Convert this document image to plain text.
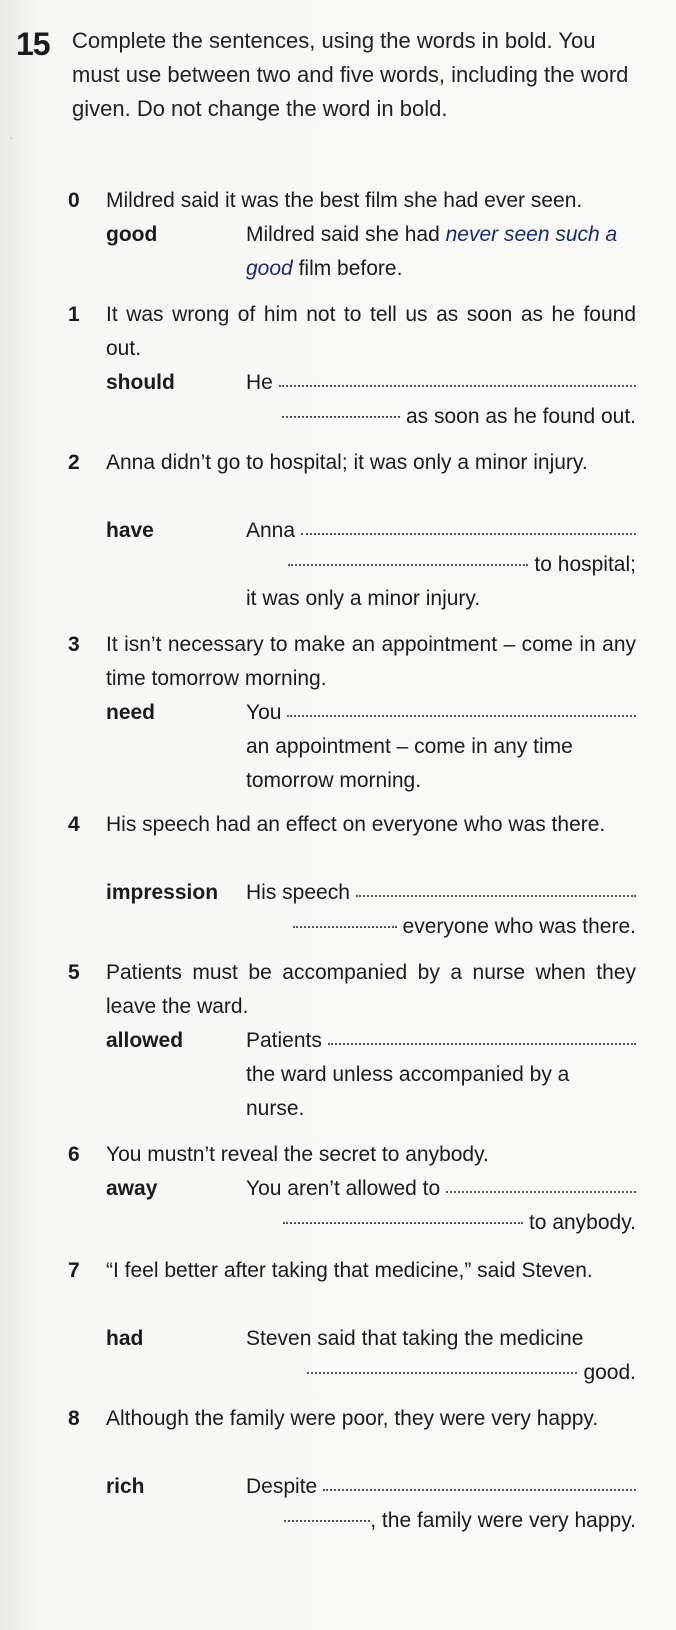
·
15 Complete the sentences, using the words in bold. You must use between two and five words, including the word given. Do not change the word in bold.
0 Mildred said it was the best film she had ever seen.
good	Mildred said she had
never seen such a
good
film before.
1 It was wrong of him not to tell us as soon as he found out.
should	He
as soon as he found out.
2 Anna didn’t go to hospital; it was only a minor injury.
have	Anna
to hospital;
it was only a minor injury.
3 It isn’t necessary to make an appointment – come in any time tomorrow morning.
need	You
an appointment – come in any time
tomorrow morning.
4 His speech had an effect on everyone who was there.
impression His speech
everyone who was there.
5 Patients must be accompanied by a nurse when they leave the ward.
allowed	Patients
the ward unless accompanied by a
nurse.
6 You mustn’t reveal the secret to anybody.
away	You aren’t allowed to
to anybody.
7 “I feel better after taking that medicine,” said Steven.
had	Steven said that taking the medicine
good.
8 Although the family were poor, they were very happy.
rich	Despite
, the family were very happy.
